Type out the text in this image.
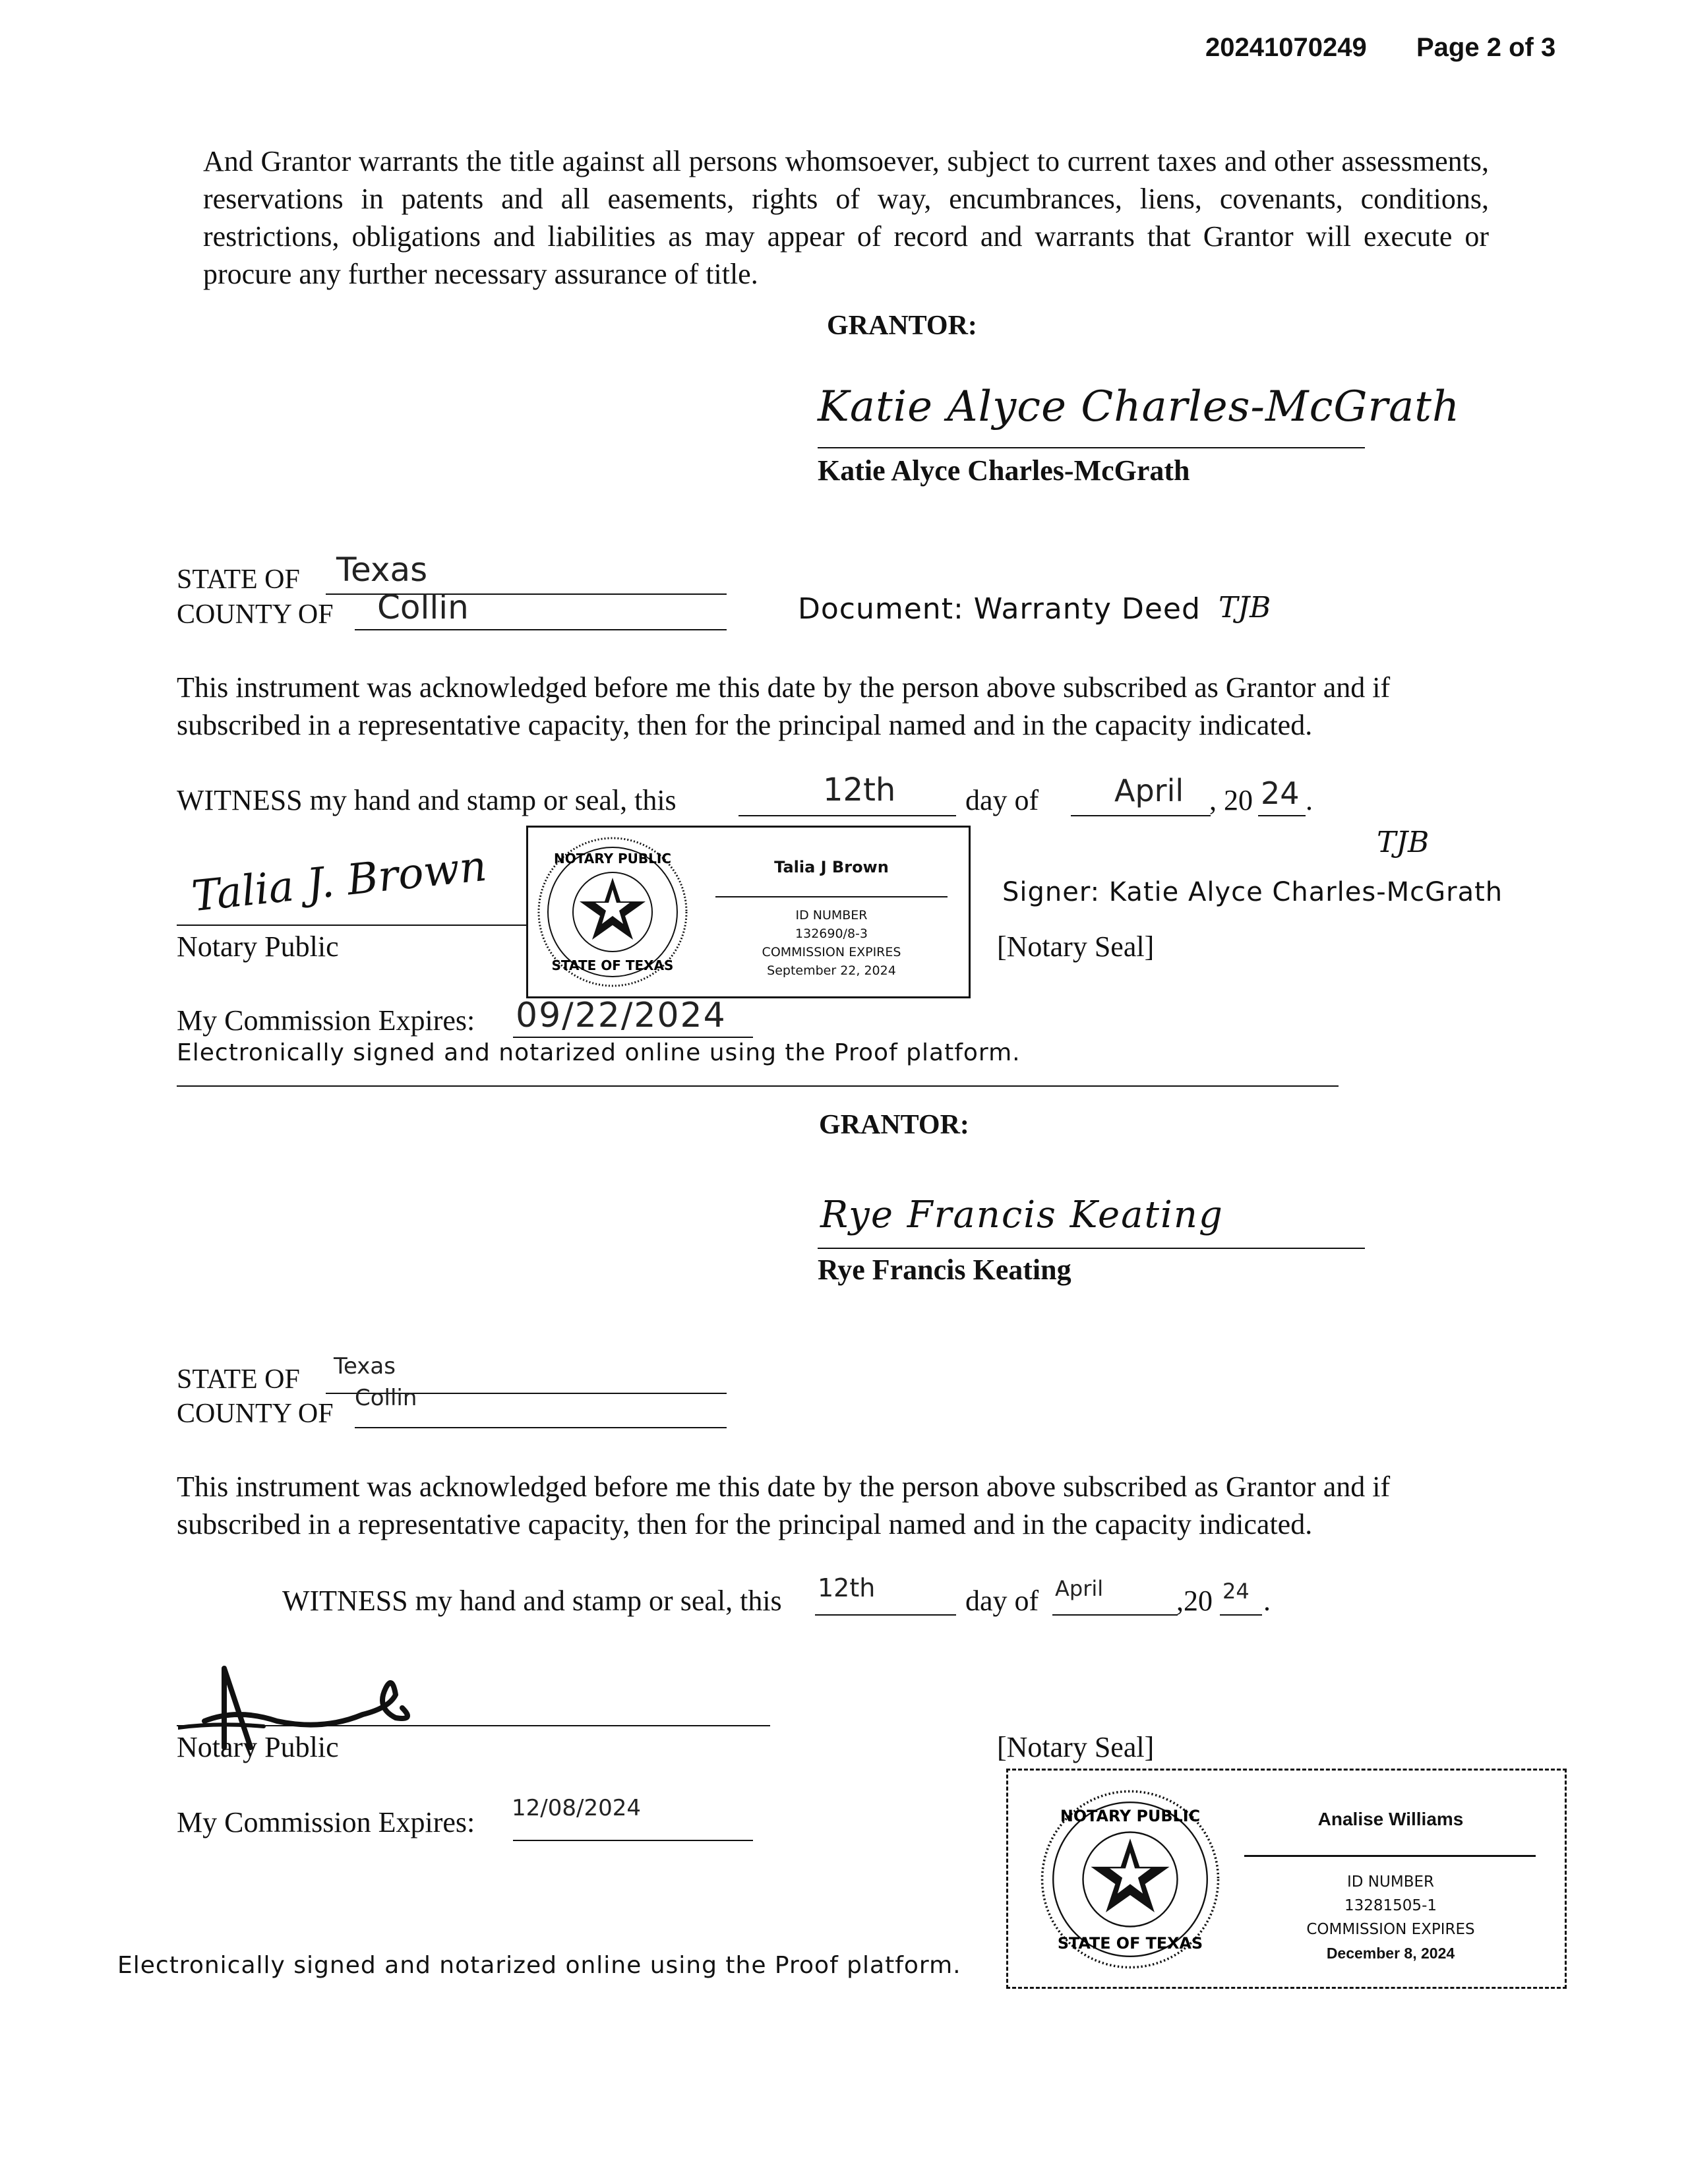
20241070249 Page 2 of 3
And Grantor warrants the title against all persons whomsoever, subject to current taxes and other assessments, reservations in patents and all easements, rights of way, encumbrances, liens, covenants, conditions, restrictions, obligations and liabilities as may appear of record and warrants that Grantor will execute or procure any further necessary assurance of title.
GRANTOR:
Katie Alyce Charles-McGrath
Katie Alyce Charles-McGrath
STATE OF Texas
COUNTY OF Collin	Document: Warranty Deed TJB
This instrument was acknowledged before me this date by the person above subscribed as Grantor and if subscribed in a representative capacity, then for the principal named and in the capacity indicated.
WITNESS my hand and stamp or seal, this	12th day of April , 20 24 .
Talia J. Brown
Notary Public
NOTARY PUBLIC
STATE OF TEXAS
Talia J Brown
ID NUMBER
132690/8-3
COMMISSION EXPIRES
September 22, 2024
TJB
Signer: Katie Alyce Charles-McGrath
[Notary Seal]
My Commission Expires: 09/22/2024
Electronically signed and notarized online using the Proof platform.
GRANTOR:
Rye Francis Keating
Rye Francis Keating
STATE OF Texas
COUNTY OF
Collin
This instrument was acknowledged before me this date by the person above subscribed as Grantor and if subscribed in a representative capacity, then for the principal named and in the capacity indicated.
WITNESS my hand and stamp or seal, this 12th	day of April	,20 24 .
Notary Public	[Notary Seal]
My Commission Expires: 12/08/2024
Electronically signed and notarized online using the Proof platform.
NOTARY PUBLIC
STATE OF TEXAS
Analise Williams
ID NUMBER
13281505-1
COMMISSION EXPIRES
December 8, 2024
